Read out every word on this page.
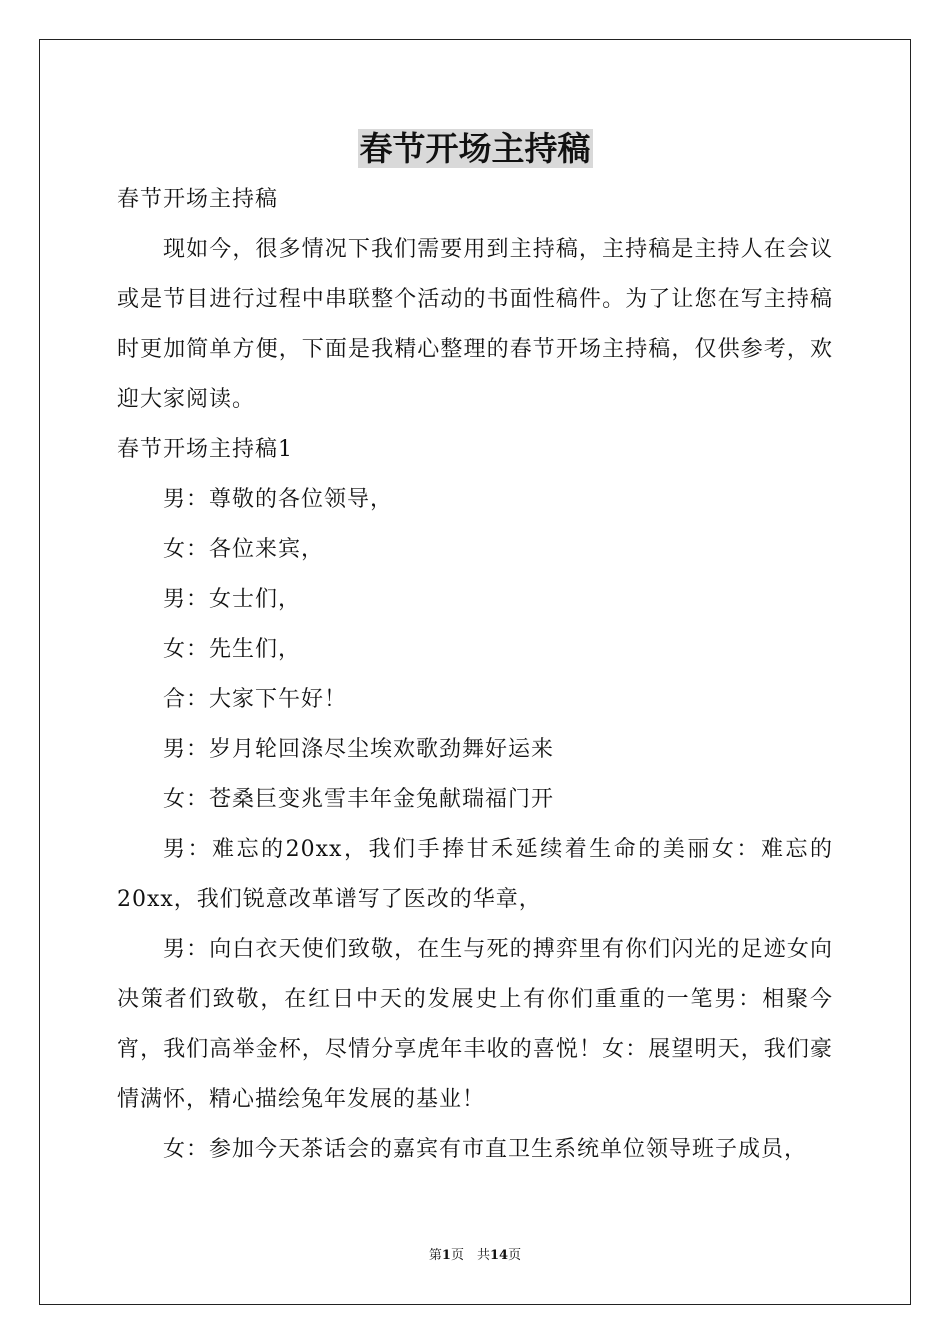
春节开场主持稿

春节开场主持稿

现如今，很多情况下我们需要用到主持稿，主持稿是主持人在会议或是节目进行过程中串联整个活动的书面性稿件。为了让您在写主持稿时更加简单方便，下面是我精心整理的春节开场主持稿，仅供参考，欢迎大家阅读。

春节开场主持稿1

男：尊敬的各位领导，

女：各位来宾，

男：女士们，

女：先生们，

合：大家下午好！

男：岁月轮回涤尽尘埃欢歌劲舞好运来

女：苍桑巨变兆雪丰年金兔献瑞福门开

男：难忘的20xx，我们手捧甘禾延续着生命的美丽女：难忘的20xx，我们锐意改革谱写了医改的华章，

男：向白衣天使们致敬，在生与死的搏弈里有你们闪光的足迹女向决策者们致敬，在红日中天的发展史上有你们重重的一笔男：相聚今宵，我们高举金杯，尽情分享虎年丰收的喜悦！女：展望明天，我们豪情满怀，精心描绘兔年发展的基业！

女：参加今天茶话会的嘉宾有市直卫生系统单位领导班子成员，

第1页　共14页
